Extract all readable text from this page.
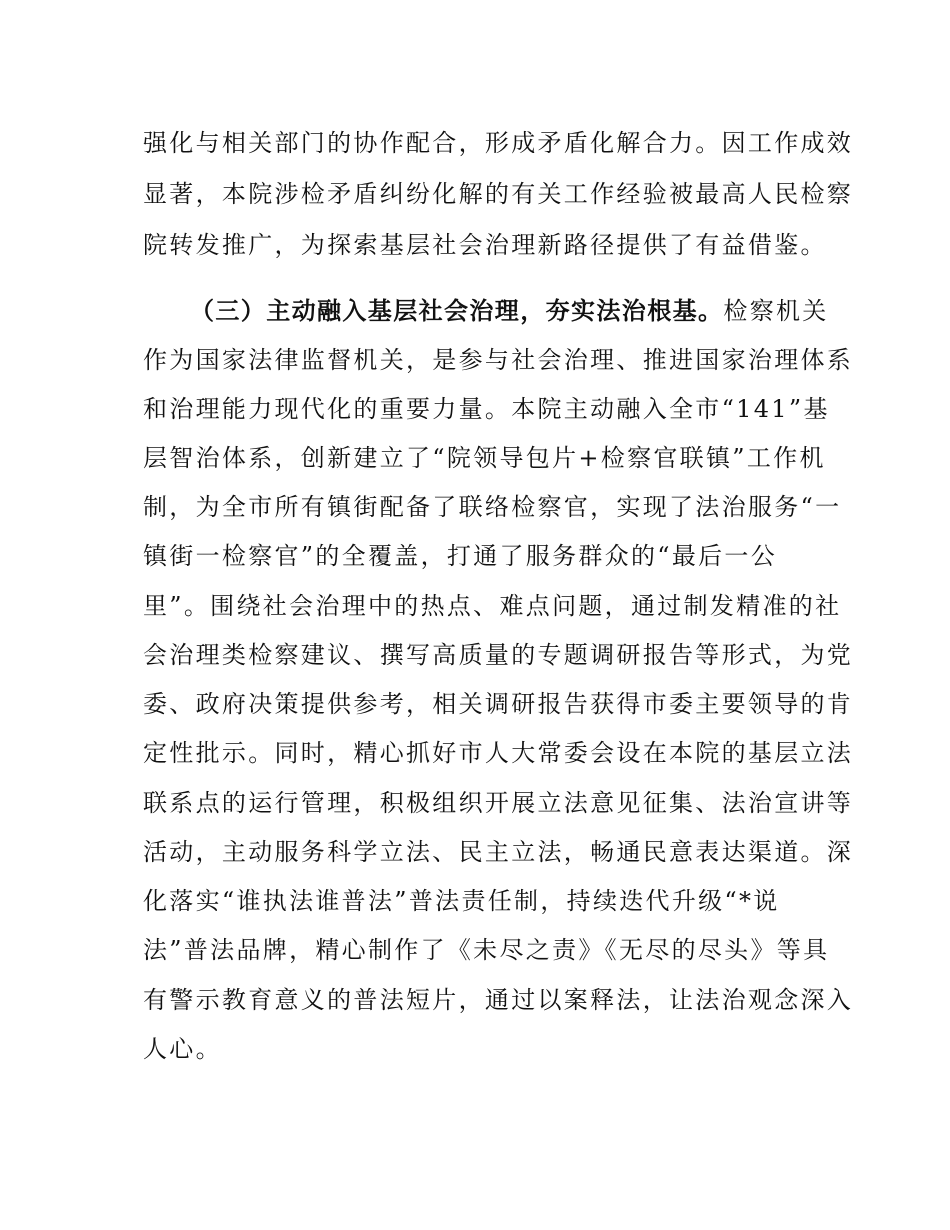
强化与相关部门的协作配合，形成矛盾化解合力。因工作成效
显著，本院涉检矛盾纠纷化解的有关工作经验被最高人民检察
院转发推广，为探索基层社会治理新路径提供了有益借鉴。
（三）主动融入基层社会治理，夯实法治根基。检察机关
作为国家法律监督机关，是参与社会治理、推进国家治理体系
和治理能力现代化的重要力量。本院主动融入全市“141”基
层智治体系，创新建立了“院领导包片+检察官联镇”工作机
制，为全市所有镇街配备了联络检察官，实现了法治服务“一
镇街一检察官”的全覆盖，打通了服务群众的“最后一公
里”。围绕社会治理中的热点、难点问题，通过制发精准的社
会治理类检察建议、撰写高质量的专题调研报告等形式，为党
委、政府决策提供参考，相关调研报告获得市委主要领导的肯
定性批示。同时，精心抓好市人大常委会设在本院的基层立法
联系点的运行管理，积极组织开展立法意见征集、法治宣讲等
活动，主动服务科学立法、民主立法，畅通民意表达渠道。深
化落实“谁执法谁普法”普法责任制，持续迭代升级“*说
法”普法品牌，精心制作了《未尽之责》《无尽的尽头》等具
有警示教育意义的普法短片，通过以案释法，让法治观念深入
人心。
